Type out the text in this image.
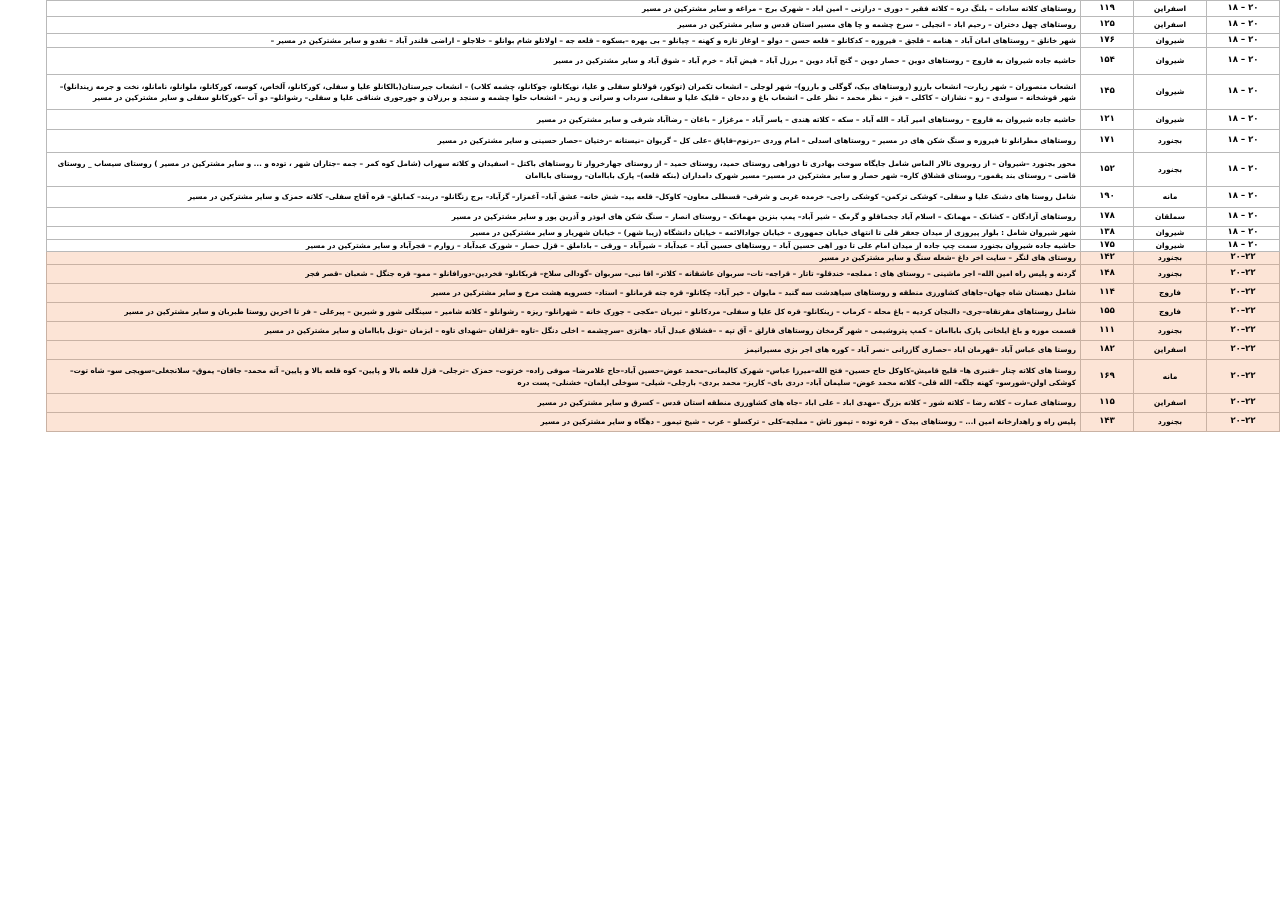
۲۰ – ۱۸	اسفراین	۱۱۹	روستاهای کلاته سادات – بلنگ دره – کلاته فقیر – دوری – درازنی – امین اباد – شهرک برج – مراغه و سایر مشترکین در مسیر
۲۰ – ۱۸	اسفراین	۱۲۵	روستاهای چهل دختران – رحیم اباد – انجیلی – سرخ چشمه و چا های مسیر استان قدس و سایر مشترکین در مسیر
۲۰ – ۱۸	شیروان	۱۷۶	شهر خانلق – روستاهای امان آباد – هنامه – قلجق – فیروزه – کدکانلو – قلعه حسن – دولو – اوغاز تازه و کهنه – چیانلو – بی بهره –بسکوه – قلعه جه – اولاتلو شام بوانلو – خلاجلو – اراضی قلندر آباد – تقدو و سایر مشترکین در مسیر –
۲۰ – ۱۸	شیروان	۱۵۴	حاشیه جاده شیروان به فاروج – روستاهای دوین – حصار دوین – گنج آباد دوین – برزل آباد – فیض آباد – خرم آباد – شوق آباد و سایر مشترکین در مسیر
۲۰ – ۱۸	شیروان	۱۴۵	انشعاب منصوران – شهر زیارت– انشعاب بارزو (روستاهای بیک، گوگلی و بارزو)– شهر لوجلی – انشعاب تکمران (توکور، قولانلو سفلی و علیا، نویکانلو، جوکانلو، چشمه کلاب) – انشعاب جیرستان(بالکانلو علیا و سفلی، کورکانلو، آلخاص، کوسه، کورکانلو، ملوانلو، نامانلو، نخت و جرمه زیندانلو)– شهر قوشخانه – سولدی – زو – نشازان – کاکلی – قیز – نظر محمد – نظر علی – انشعاب باغ و ددخان – قلیک علیا و سفلی، سرداب و سرانی و زیدر – انشعاب حلوا چشمه و سنجد و برزلان و جورجوری شناقی علیا و سفلی– رشوانلو– دو آب –کورکانلو سفلی و سایر مشترکین در مسیر
۲۰ – ۱۸	شیروان	۱۲۱	حاشیه جاده شیروان به فاروج – روستاهای امیر آباد – الله آباد – سکه – کلاته هندی – یاسر آباد – مرغزار – باغان – رضاآباد شرقی و سایر مشترکین در مسیر
۲۰ – ۱۸	بجنورد	۱۷۱	روستاهای مطرانلو تا فیروزه و سنگ شکن های در مسیر – روستاهای اسدلی – امام وردی –درنوم–قاپاق –علی کل – گریوان –نیستانه –رختیان –حصار حسینی و سایر مشترکین در مسیر
۲۰ – ۱۸	بجنورد	۱۵۲	محور بجنورد –شیروان – از روبروی تالار الماس شامل جایگاه سوخت بهادری تا دوراهی روستای حمید، روستای حمید – از روستای جهارخروار تا روستاهای باکتل – اسفیدان و کلاته سهراب (شامل کوه کمر – جمه –جتاران شهر ، توده و ... و سایر مشترکین در مسیر ) روستای سیساب _ روستای قاضی – روستای بند یقمور– روستای قشلاق کاره– شهر حصار و سایر مشترکین در مسیر– مسیر شهرک دامداران (بنکه قلعه)– پارک باباامان– روستای باباامان
۲۰ – ۱۸	مانه	۱۹۰	شامل روستا های دشنک علیا و سفلی– کوشکی ترکمن– کوشکی راجی– خرمده غربی و شرقی– قسطلی معاون– کاوکل– قلعه بید– شش خانه– عشق آباد– آغمزار– گزآباد– برج زنگانلو– دربند– کمابلق– قره آقاج سفلی– کلاته حمزک و سایر مشترکین در مسیر
۲۰ – ۱۸	سملقان	۱۷۸	روستاهای آزادگان – کشانک – مهمانک – اسلام آباد جخماقلو و گرمک – شیر آباد– پمپ بنزین مهمانک – روستای انصار – سنگ شکن های ابوذر و آذرین پور و سایر مشترکین در مسیر
۲۰ – ۱۸	شیروان	۱۳۸	شهر شیروان شامل : بلوار پیروزی از میدان جعفر قلی تا انتهای خیابان جمهوری – خیابان جوادالائمه – خیابان دانشگاه (زیبا شهر) – خیابان شهریار و سایر مشترکین در مسیر
۲۰ – ۱۸	شیروان	۱۷۵	حاشیه جاده شیروان بجنورد سمت چپ جاده از میدان امام علی تا دور اهی حسین آباد – روستاهای حسین آباد – عبدآباد – شیرآباد – ورقی – باداملق – قزل حصار – شورک عبدآباد – زوارم – فجرآباد و سایر مشترکین در مسیر
۲۲–۲۰	بجنورد	۱۴۲	روستای های لنگر – سایت اخر داغ –شعله سنگ و سایر مشترکین در مسیر
۲۲–۲۰	بجنورد	۱۴۸	گردنه و پلیس راه امین الله– اجر ماشینی – روستای های : مملجه– خندقلو– تاتار – قراجه– تات– سربوان عاشقانه – کلاتر– اقا نبی– سربوان –گودالی سلاخ– قربکانلو– فخردین–دورافانلو – ممو– قره جنگل – شعبان –قصر فجر
۲۲–۲۰	فاروج	۱۱۴	شامل دهستان شاه جهان–جاهای کشاورزی منطقه و روستاهای سیاهدشت سه گنبد – مایوان – خیر آباد– چکانلو– قره جته قرمانلو – استاد– خسرویه هشت مرخ و سایر مشترکین در مسیر
۲۲–۲۰	فاروج	۱۵۵	شامل روستاهای مفرتقاه–جری– دالنجان کردیه – باغ محله – کرماب – زینکانلو– قره کل علیا و سفلی– مردکانلو – تیربان –مکجی – جورک خانه – شهرانلو– ریزه – رشوانلو – کلاته شامیر – سینگلی شور و شیرین – پیرعلی – فر تا اخرین روستا طبربان و سایر مشترکین در مسیر
۲۲–۲۰	بجنورد	۱۱۱	قسمت موزه و باغ ایلخانی پارک باباامان – کمپ پتروشیمی – شهر گرمخان روستاهای قارلق – آق تپه – –قشلاق عبدل آباد –هانزی –سرچشمه – اخلی دنگل –تاوه –قزلقان –شهدای تاوه – ابزمان –تونل باباامان و سایر مشترکین در مسیر
۲۲–۲۰	اسفراین	۱۸۲	روستا های عباس آباد –قهرمان اباد –حصاری گازرانی –نصر آباد – کوره های اجر بزی مسیرانیمز
۲۲–۲۰	مانه	۱۶۹	روستا های کلاته چنار –قنبری ها– قلیج قامیش–کاوکل حاج حسین– فتح الله–میرزا عباس– شهرک کالیمانی–محمد عوض–حسین آباد–حاج غلامرضا– صوفی زاده– خرتوت– حمزک –ترجلی– قزل قلعه بالا و پایین– کوه قلعه بالا و پایین– آته محمد– جاقان– یموق– سلانجغلی–سویجی سو– شاه توت– کوشکی اولن–شورسو– کهنه جلگه– الله قلی– کلاته محمد عوض– سلیمان آباد– دردی بای– کاریز– محمد بردی– بارجلی– شیلی– سوخلی ایلمان– خشنلی– پست دره
۲۲–۲۰	اسفراین	۱۱۵	روستاهای عمارت – کلاته رضا – کلاته شور – کلاته بزرگ –مهدی اباد – علی اباد –جاه های کشاورزی منطقه استان قدس – کسرق و سایر مشترکین در مسیر
۲۲–۲۰	بجنورد	۱۴۳	پلیس راه و راهدارخانه امین ا... – روستاهای بیدک – قره توده – تیمور تاش – مملجه–کلی – ترکسلو – عرب – شیخ تیمور – دهگاه و سایر مشترکین در مسیر
